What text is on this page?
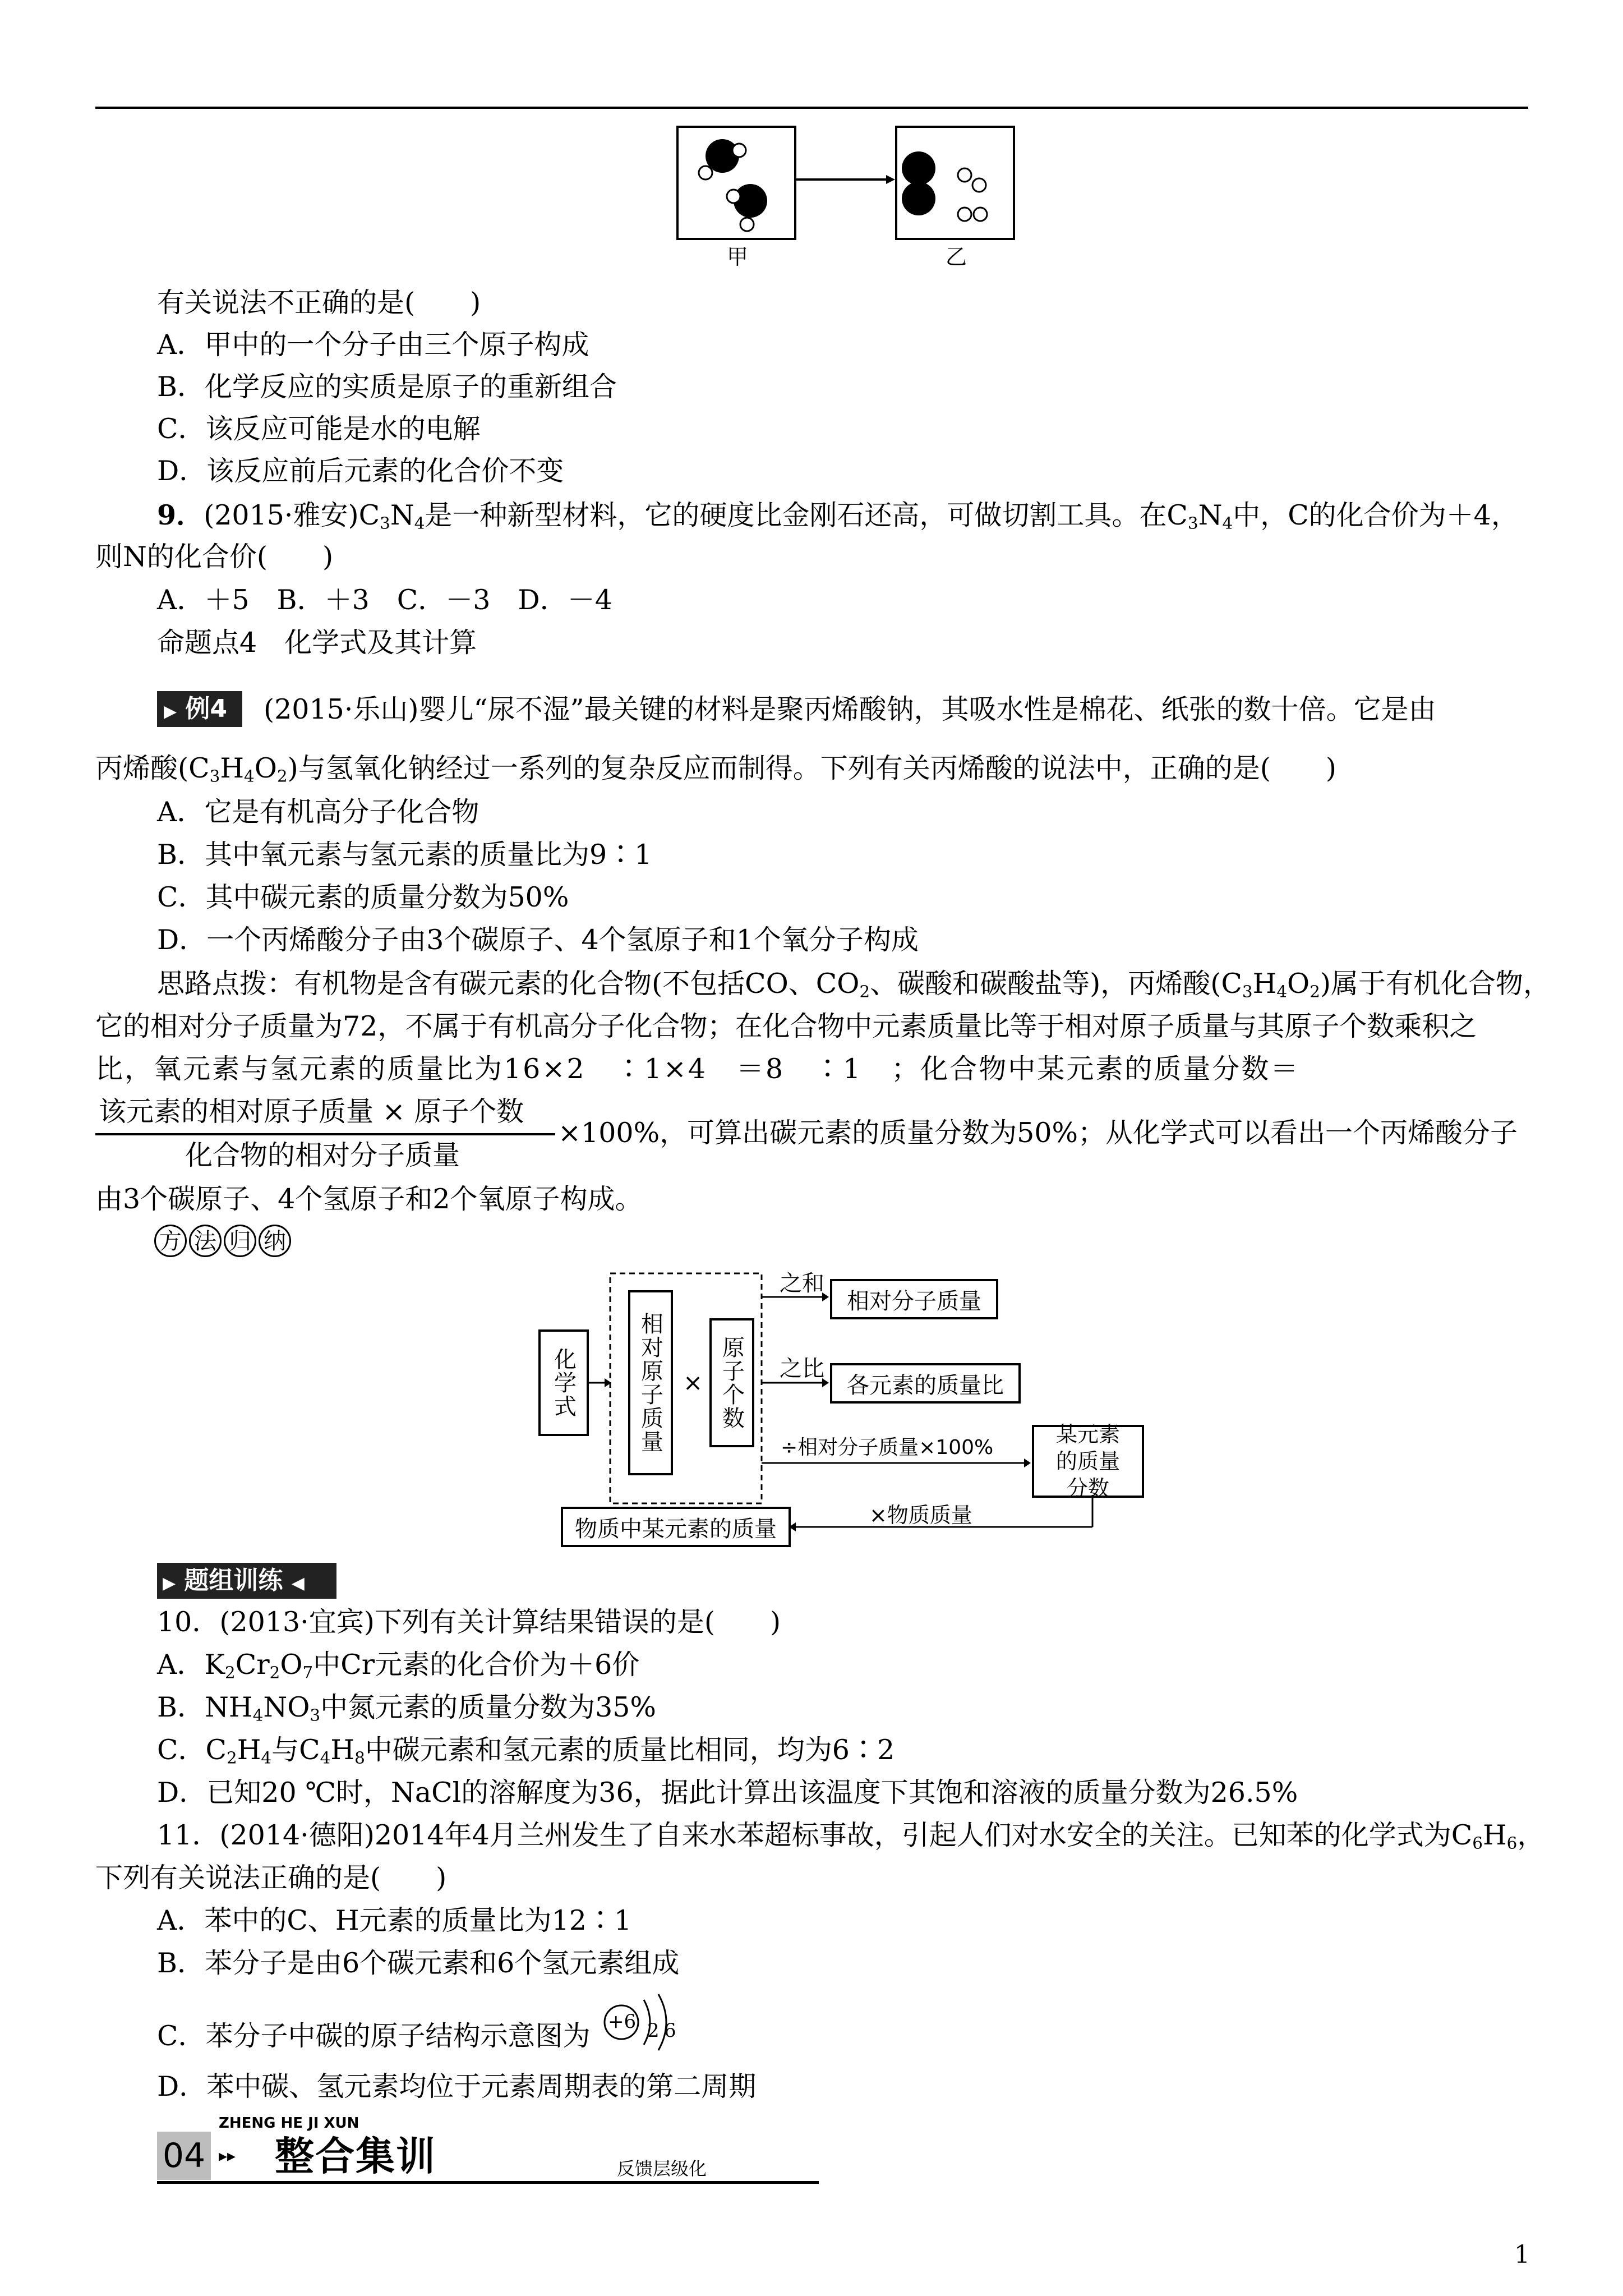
甲	乙
有关说法不正确的是(　　)
A．甲中的一个分子由三个原子构成
B．化学反应的实质是原子的重新组合
C．该反应可能是水的电解
D．该反应前后元素的化合价不变
9．(2015·雅安)$C_3N_4$是一种新型材料，它的硬度比金刚石还高，可做切割工具。在$C_3N_4$中，C的化合价为＋4，
则N的化合价(　　)
A．＋5　B．＋3　C．－3　D．－4
命题点4　化学式及其计算
▶ 例4	(2015·乐山)婴儿“尿不湿”最关键的材料是聚丙烯酸钠，其吸水性是棉花、纸张的数十倍。它是由
丙烯酸$(C_3H_4O_2)$与氢氧化钠经过一系列的复杂反应而制得。下列有关丙烯酸的说法中，正确的是(　　)
A．它是有机高分子化合物
B．其中氧元素与氢元素的质量比为9∶1
C．其中碳元素的质量分数为50%
D．一个丙烯酸分子由3个碳原子、4个氢原子和1个氧分子构成
思路点拨：有机物是含有碳元素的化合物(不包括CO、$CO_2$、碳酸和碳酸盐等)，丙烯酸$(C_3H_4O_2)$属于有机化合物，
它的相对分子质量为72，不属于有机高分子化合物；在化合物中元素质量比等于相对原子质量与其原子个数乘积之
比，氧元素与氢元素的质量比为16×2　∶1×4　＝8　∶1　；化合物中某元素的质量分数＝
该元素的相对原子质量 × 原子个数
化合物的相对分子质量
×100%，可算出碳元素的质量分数为50%；从化学式可以看出一个丙烯酸分子
由3个碳原子、4个氢原子和2个氧原子构成。
方 法 归 纳
化学式	相对原子质量 × 原子个数
之和
相对分子质量
之比
各元素的质量比
÷相对分子质量×100%
某元素的质量分数
×物质质量
物质中某元素的质量
▶ 题组训练 ◀
10．(2013·宜宾)下列有关计算结果错误的是(　　)
A．$K_2Cr_2O_7$中Cr元素的化合价为＋6价
B．$NH_4NO_3$中氮元素的质量分数为35%
C．$C_2H_4$与$C_4H_8$中碳元素和氢元素的质量比相同，均为6∶2
D．已知20 ℃时，NaCl的溶解度为36，据此计算出该温度下其饱和溶液的质量分数为26.5%
11．(2014·德阳)2014年4月兰州发生了自来水苯超标事故，引起人们对水安全的关注。已知苯的化学式为$C_6H_6$，
下列有关说法正确的是(　　)
A．苯中的C、H元素的质量比为12∶1
B．苯分子是由6个碳元素和6个氢元素组成
C．苯分子中碳的原子结构示意图为 +6 2 6
D．苯中碳、氢元素均位于元素周期表的第二周期
ZHENG HE JI XUN
04 ▸▸ 整合集训	反馈层级化
1
